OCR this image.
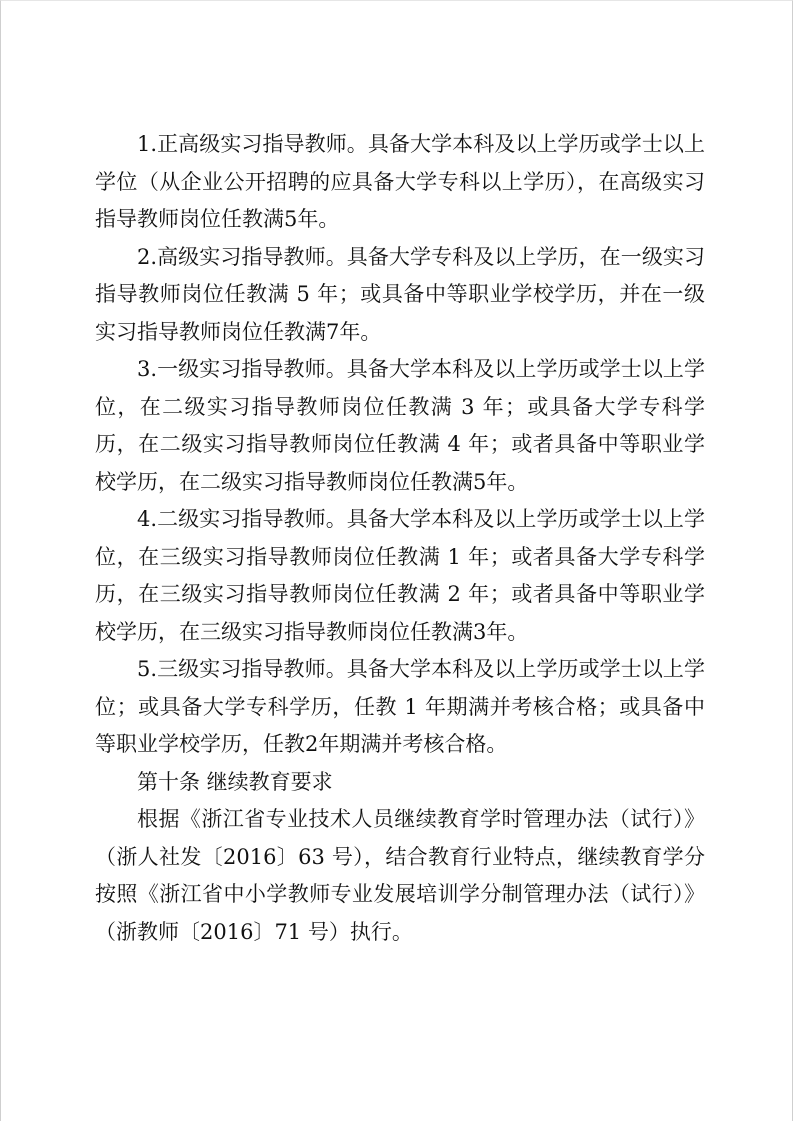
1.正高级实习指导教师。具备大学本科及以上学历或学士以上学位（从企业公开招聘的应具备大学专科以上学历），在高级实习指导教师岗位任教满5年。

2.高级实习指导教师。具备大学专科及以上学历，在一级实习指导教师岗位任教满 5 年；或具备中等职业学校学历，并在一级实习指导教师岗位任教满7年。

3.一级实习指导教师。具备大学本科及以上学历或学士以上学位，在二级实习指导教师岗位任教满 3 年；或具备大学专科学历，在二级实习指导教师岗位任教满 4 年；或者具备中等职业学校学历，在二级实习指导教师岗位任教满5年。

4.二级实习指导教师。具备大学本科及以上学历或学士以上学位，在三级实习指导教师岗位任教满 1 年；或者具备大学专科学历，在三级实习指导教师岗位任教满 2 年；或者具备中等职业学校学历，在三级实习指导教师岗位任教满3年。

5.三级实习指导教师。具备大学本科及以上学历或学士以上学位；或具备大学专科学历，任教 1 年期满并考核合格；或具备中等职业学校学历，任教2年期满并考核合格。

第十条 继续教育要求

根据《浙江省专业技术人员继续教育学时管理办法（试行）》（浙人社发〔2016〕63 号），结合教育行业特点，继续教育学分按照《浙江省中小学教师专业发展培训学分制管理办法（试行）》（浙教师〔2016〕71 号）执行。
